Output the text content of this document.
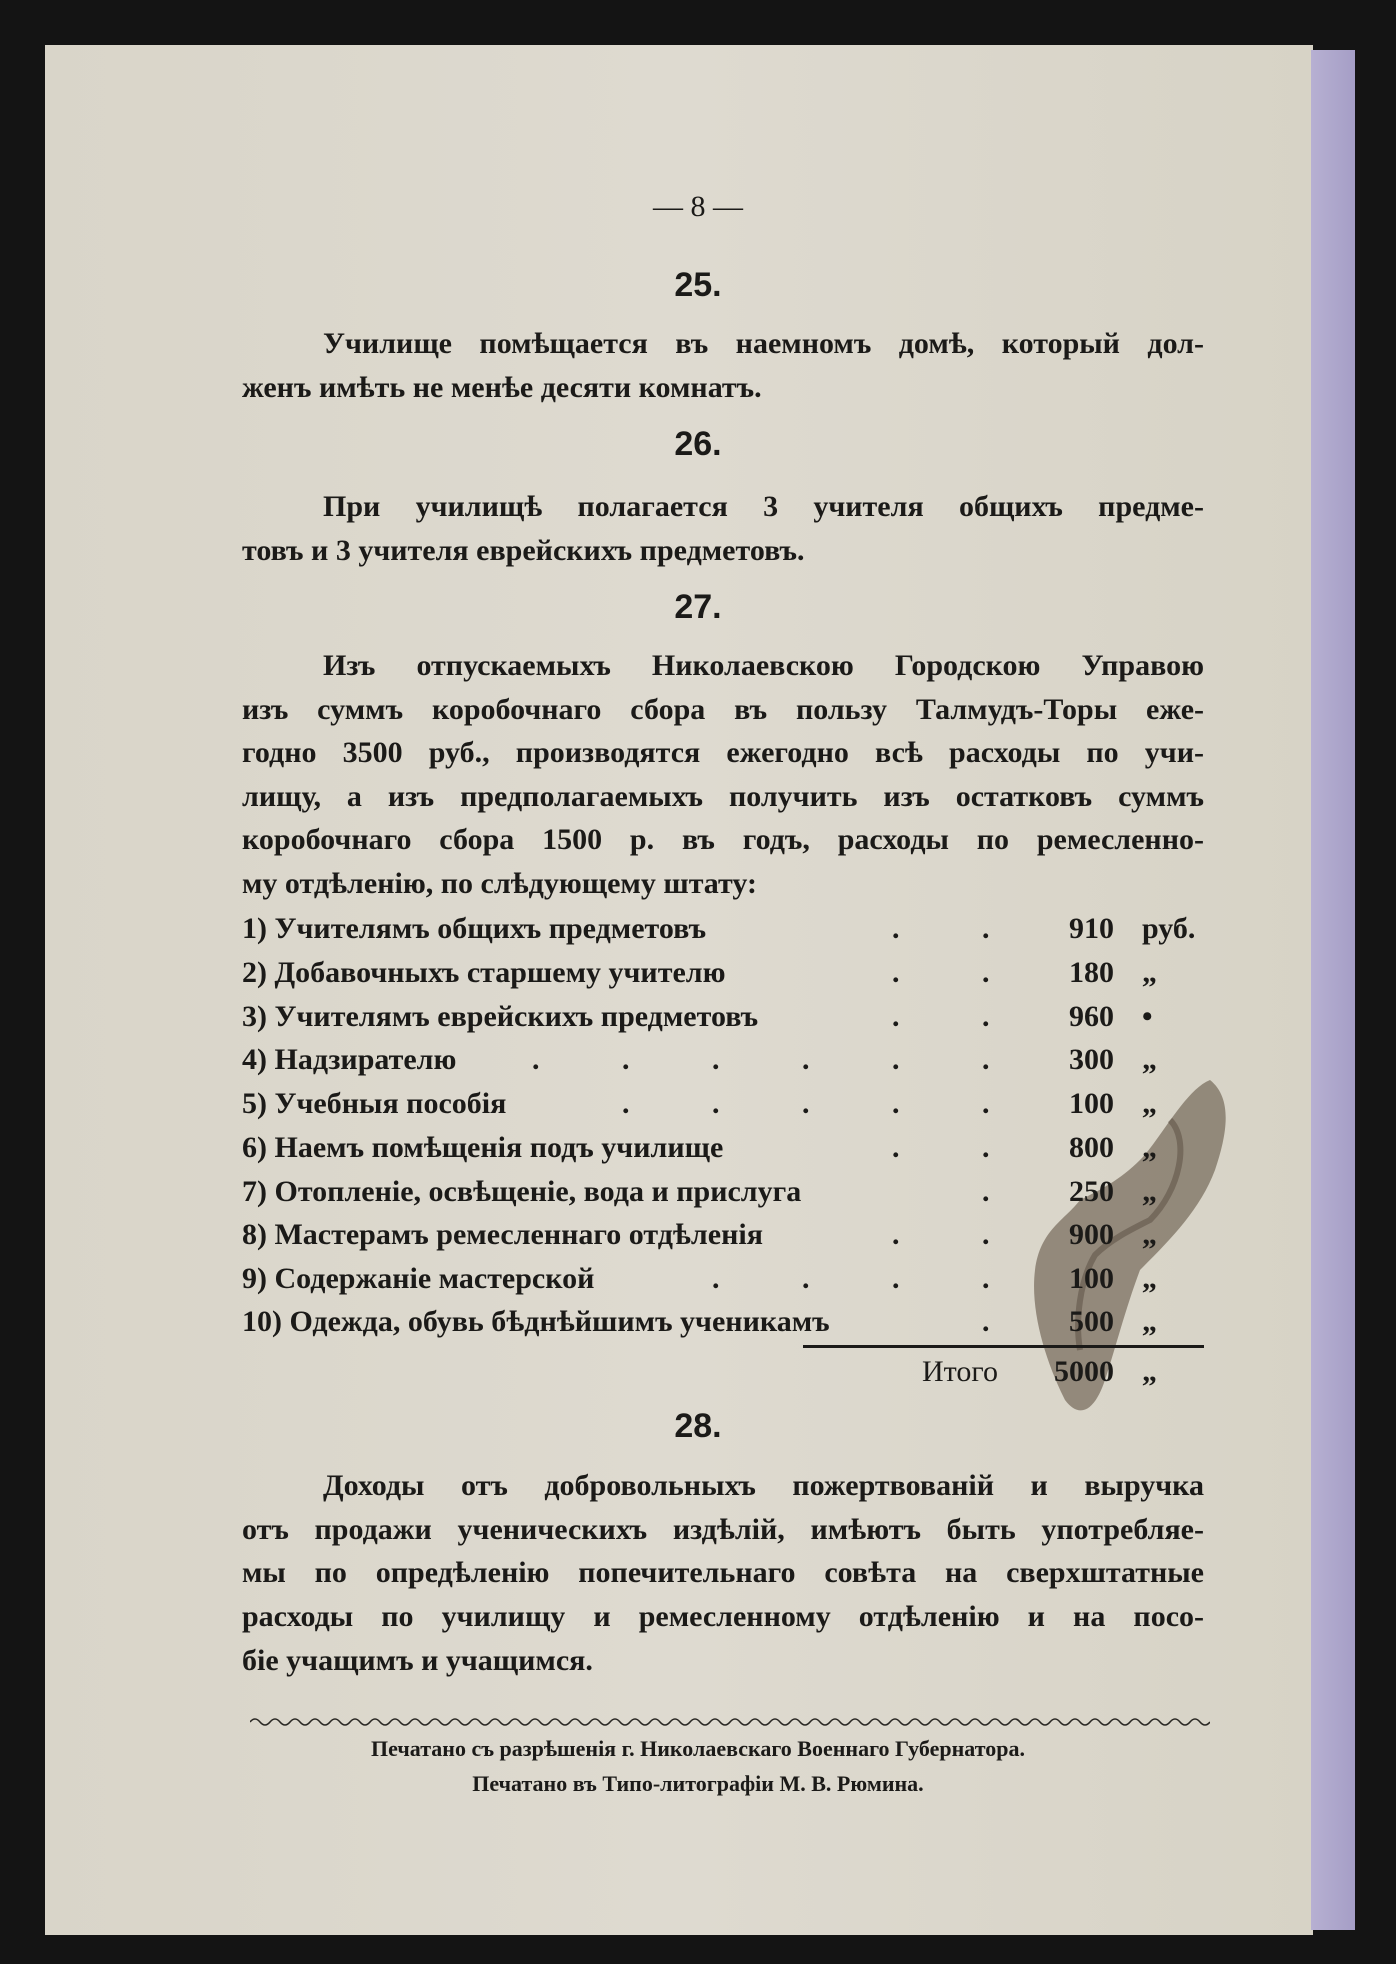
— 8 —
25.
Училище помѣщается въ наемномъ домѣ, который дол-
женъ имѣть не менѣе десяти комнатъ.
26.
При училищѣ полагается 3 учителя общихъ предме-
товъ и 3 учителя еврейскихъ предметовъ.
27.
Изъ отпускаемыхъ Николаевскою Городскою Управою
изъ суммъ коробочнаго сбора въ пользу Талмудъ-Торы еже-
годно 3500 руб., производятся ежегодно всѣ расходы по учи-
лищу, а изъ предполагаемыхъ получить изъ остатковъ суммъ
коробочнаго сбора 1500 р. въ годъ, расходы по ремесленно-
му отдѣленію, по слѣдующему штату:
1) Учителямъ общихъ предметовъ	.	.	910 руб.
2) Добавочныхъ старшему учителю	.	.	180 „
3) Учителямъ еврейскихъ предметовъ	.	.	960 •
4) Надзирателю	.	.	.	.	.	.	300 „
5) Учебныя пособія	.	.	.	.	.	100 „
6) Наемъ помѣщенія подъ училище	.	.	800 „
7) Отопленіе, освѣщеніе, вода и прислуга	.	250 „
8) Мастерамъ ремесленнаго отдѣленія	.	.	900 „
9) Содержаніе мастерской	.	.	.	.	100 „
10) Одежда, обувь бѣднѣйшимъ ученикамъ	.	500 „
Итого 5000 „
28.
Доходы отъ добровольныхъ пожертвованій и выручка
отъ продажи ученическихъ издѣлій, имѣютъ быть употребляе-
мы по опредѣленію попечительнаго совѣта на сверхштатные
расходы по училищу и ремесленному отдѣленію и на посо-
біе учащимъ и учащимся.
Печатано съ разрѣшенія г. Николаевскаго Военнаго Губернатора.
Печатано въ Типо-литографіи М. В. Рюмина.
